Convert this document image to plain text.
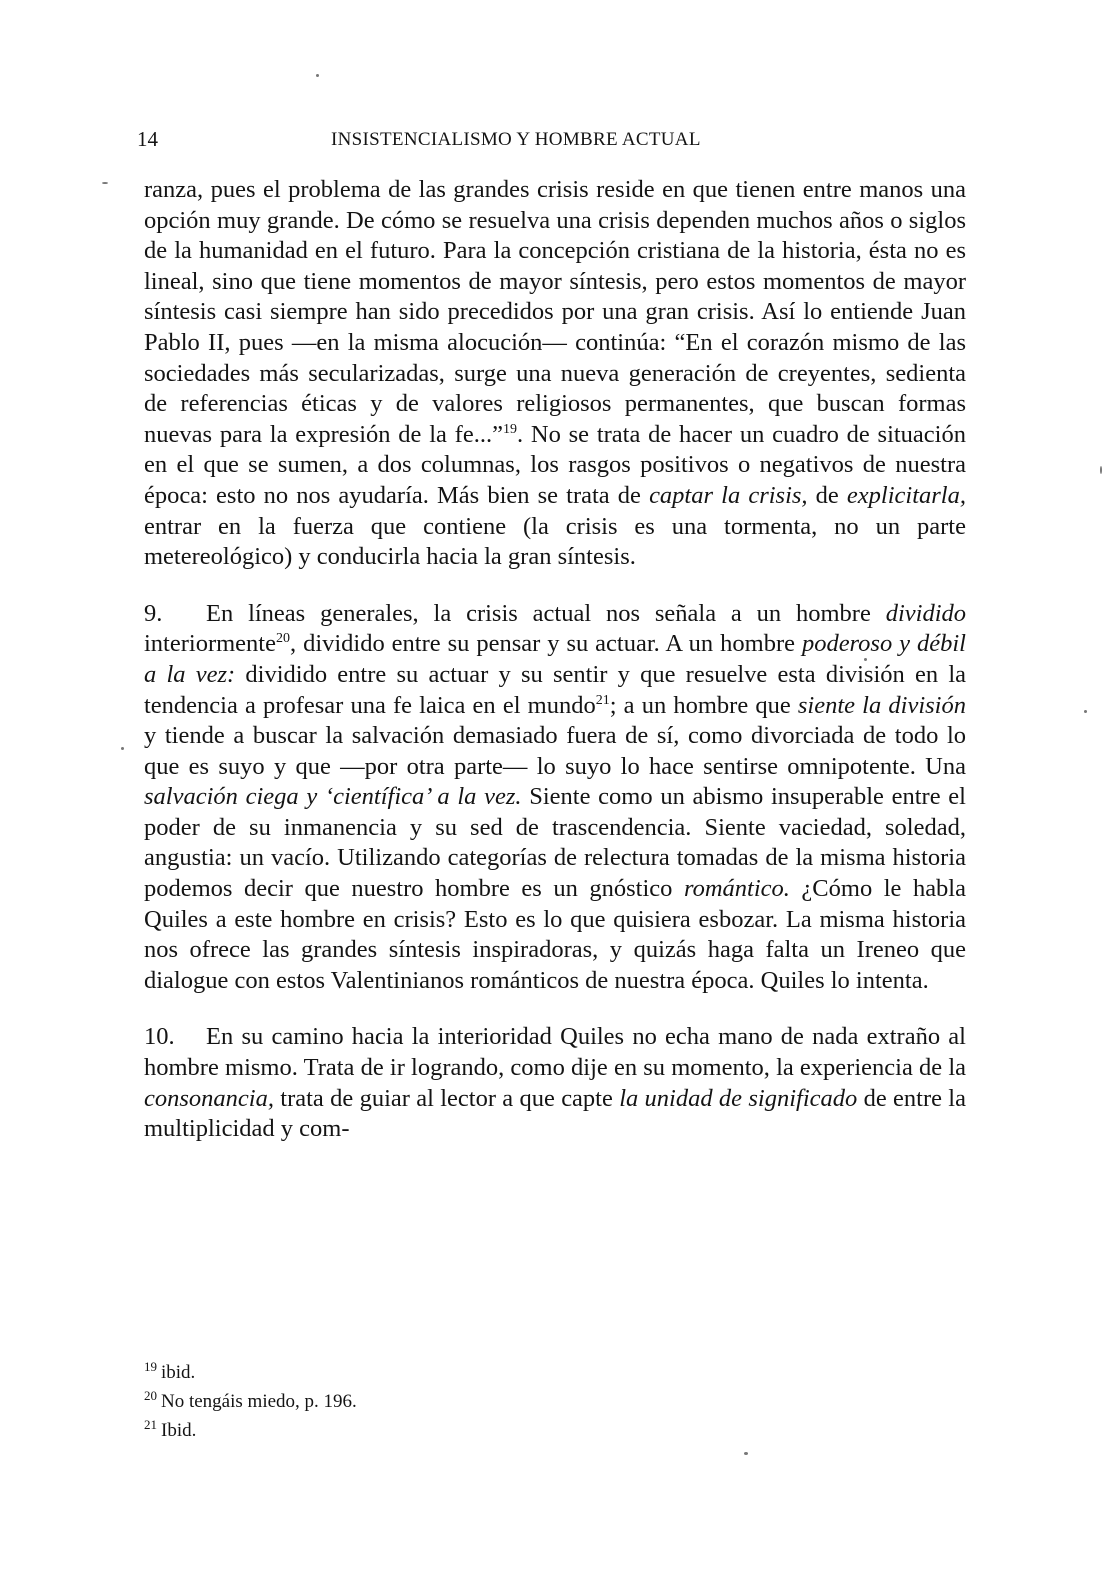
14	INSISTENCIALISMO Y HOMBRE ACTUAL

ranza, pues el problema de las grandes crisis reside en que tienen entre manos una opción muy grande. De cómo se resuelva una crisis dependen muchos años o siglos de la humanidad en el futuro. Para la concepción cristiana de la historia, ésta no es lineal, sino que tiene momentos de mayor síntesis, pero estos momentos de mayor síntesis casi siempre han sido precedidos por una gran crisis. Así lo entiende Juan Pablo II, pues —en la misma alocución— continúa: “En el corazón mismo de las sociedades más secularizadas, surge una nueva generación de creyentes, sedienta de referencias éticas y de valores religiosos permanentes, que buscan formas nuevas para la expresión de la fe...”$^{19}$. No se trata de hacer un cuadro de situación en el que se sumen, a dos columnas, los rasgos positivos o negativos de nuestra época: esto no nos ayudaría. Más bien se trata de captar la crisis, de explicitarla, entrar en la fuerza que contiene (la crisis es una tormenta, no un parte metereológico) y conducirla hacia la gran síntesis.

9. En líneas generales, la crisis actual nos señala a un hombre dividido interiormente$^{20}$, dividido entre su pensar y su actuar. A un hombre poderoso y débil a la vez: dividido entre su actuar y su sentir y que resuelve esta división en la tendencia a profesar una fe laica en el mundo$^{21}$; a un hombre que siente la división y tiende a buscar la salvación demasiado fuera de sí, como divorciada de todo lo que es suyo y que —por otra parte— lo suyo lo hace sentirse omnipotente. Una salvación ciega y ‘científica’ a la vez. Siente como un abismo insuperable entre el poder de su inmanencia y su sed de trascendencia. Siente vaciedad, soledad, angustia: un vacío. Utilizando categorías de relectura tomadas de la misma historia podemos decir que nuestro hombre es un gnóstico romántico. ¿Cómo le habla Quiles a este hombre en crisis? Esto es lo que quisiera esbozar. La misma historia nos ofrece las grandes síntesis inspiradoras, y quizás haga falta un Ireneo que dialogue con estos Valentinianos románticos de nuestra época. Quiles lo intenta.

10. En su camino hacia la interioridad Quiles no echa mano de nada extraño al hombre mismo. Trata de ir logrando, como dije en su momento, la experiencia de la consonancia, trata de guiar al lector a que capte la unidad de significado de entre la multiplicidad y com-

$^{19}$ ibid.
$^{20}$ No tengáis miedo, p. 196.
$^{21}$ Ibid.
